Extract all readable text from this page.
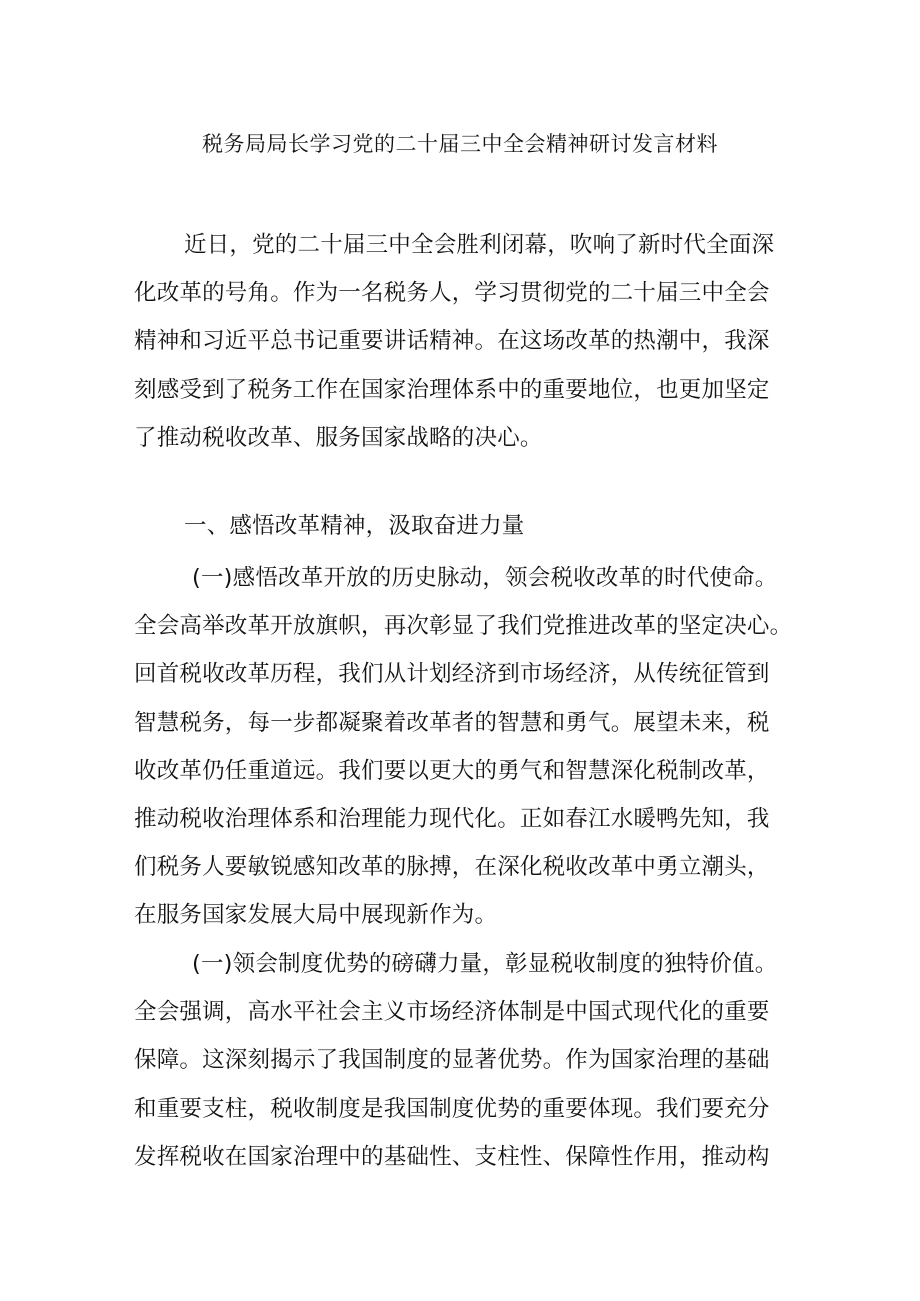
税务局局长学习党的二十届三中全会精神研讨发言材料
近日，党的二十届三中全会胜利闭幕，吹响了新时代全面深
化改革的号角。作为一名税务人，学习贯彻党的二十届三中全会
精神和习近平总书记重要讲话精神。在这场改革的热潮中，我深
刻感受到了税务工作在国家治理体系中的重要地位，也更加坚定
了推动税收改革、服务国家战略的决心。
一、感悟改革精神，汲取奋进力量
(一)感悟改革开放的历史脉动，领会税收改革的时代使命。
全会高举改革开放旗帜，再次彰显了我们党推进改革的坚定决心。
回首税收改革历程，我们从计划经济到市场经济，从传统征管到
智慧税务，每一步都凝聚着改革者的智慧和勇气。展望未来，税
收改革仍任重道远。我们要以更大的勇气和智慧深化税制改革，
推动税收治理体系和治理能力现代化。正如春江水暖鸭先知，我
们税务人要敏锐感知改革的脉搏，在深化税收改革中勇立潮头，
在服务国家发展大局中展现新作为。
(一)领会制度优势的磅礴力量，彰显税收制度的独特价值。
全会强调，高水平社会主义市场经济体制是中国式现代化的重要
保障。这深刻揭示了我国制度的显著优势。作为国家治理的基础
和重要支柱，税收制度是我国制度优势的重要体现。我们要充分
发挥税收在国家治理中的基础性、支柱性、保障性作用，推动构
